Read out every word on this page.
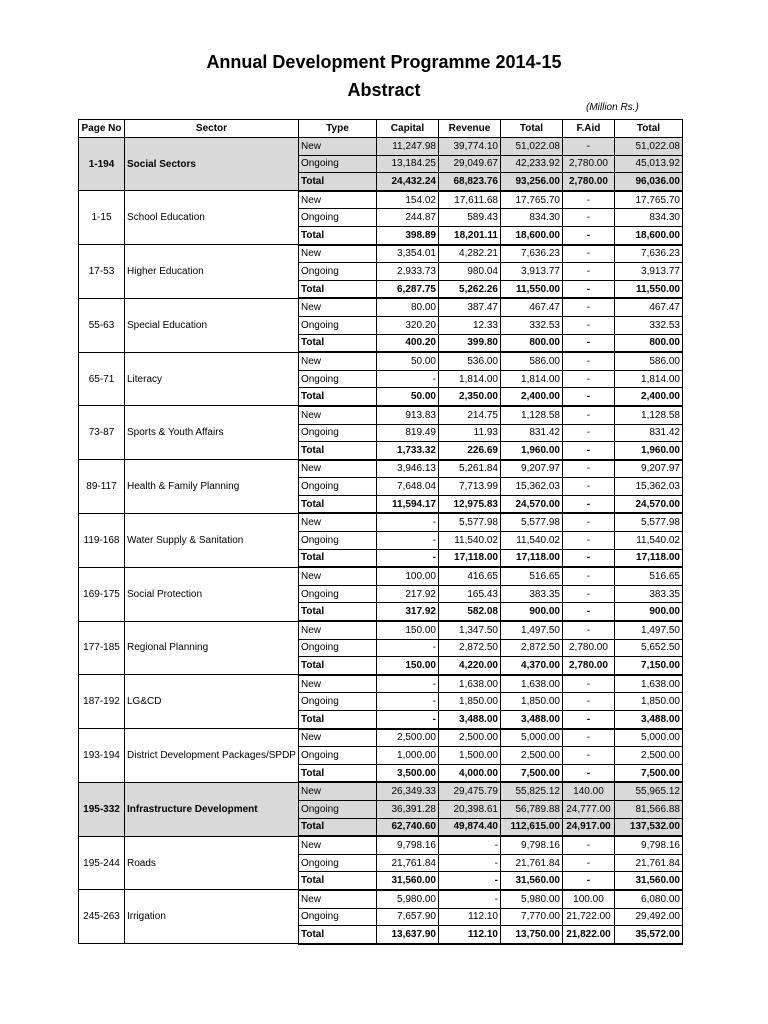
Annual Development Programme 2014-15
Abstract
(Million Rs.)
Page No	Sector	Type	Capital	Revenue	Total	F.Aid	Total
1-194	Social Sectors	New	11,247.98	39,774.10	51,022.08	-	51,022.08
		Ongoing	13,184.25	29,049.67	42,233.92	2,780.00	45,013.92
		Total	24,432.24	68,823.76	93,256.00	2,780.00	96,036.00
1-15	School Education	New	154.02	17,611.68	17,765.70	-	17,765.70
		Ongoing	244.87	589.43	834.30	-	834.30
		Total	398.89	18,201.11	18,600.00	-	18,600.00
17-53	Higher Education	New	3,354.01	4,282.21	7,636.23	-	7,636.23
		Ongoing	2,933.73	980.04	3,913.77	-	3,913.77
		Total	6,287.75	5,262.26	11,550.00	-	11,550.00
55-63	Special Education	New	80.00	387.47	467.47	-	467.47
		Ongoing	320.20	12.33	332.53	-	332.53
		Total	400.20	399.80	800.00	-	800.00
65-71	Literacy	New	50.00	536.00	586.00	-	586.00
		Ongoing	-	1,814.00	1,814.00	-	1,814.00
		Total	50.00	2,350.00	2,400.00	-	2,400.00
73-87	Sports & Youth Affairs	New	913.83	214.75	1,128.58	-	1,128.58
		Ongoing	819.49	11.93	831.42	-	831.42
		Total	1,733.32	226.69	1,960.00	-	1,960.00
89-117	Health & Family Planning	New	3,946.13	5,261.84	9,207.97	-	9,207.97
		Ongoing	7,648.04	7,713.99	15,362.03	-	15,362.03
		Total	11,594.17	12,975.83	24,570.00	-	24,570.00
119-168	Water Supply & Sanitation	New	-	5,577.98	5,577.98	-	5,577.98
		Ongoing	-	11,540.02	11,540.02	-	11,540.02
		Total	-	17,118.00	17,118.00	-	17,118.00
169-175	Social Protection	New	100.00	416.65	516.65	-	516.65
		Ongoing	217.92	165.43	383.35	-	383.35
		Total	317.92	582.08	900.00	-	900.00
177-185	Regional Planning	New	150.00	1,347.50	1,497.50	-	1,497.50
		Ongoing	-	2,872.50	2,872.50	2,780.00	5,652.50
		Total	150.00	4,220.00	4,370.00	2,780.00	7,150.00
187-192	LG&CD	New	-	1,638.00	1,638.00	-	1,638.00
		Ongoing	-	1,850.00	1,850.00	-	1,850.00
		Total	-	3,488.00	3,488.00	-	3,488.00
193-194	District Development Packages/SPDP	New	2,500.00	2,500.00	5,000.00	-	5,000.00
		Ongoing	1,000.00	1,500.00	2,500.00	-	2,500.00
		Total	3,500.00	4,000.00	7,500.00	-	7,500.00
195-332	Infrastructure Development	New	26,349.33	29,475.79	55,825.12	140.00	55,965.12
		Ongoing	36,391.28	20,398.61	56,789.88	24,777.00	81,566.88
		Total	62,740.60	49,874.40	112,615.00	24,917.00	137,532.00
195-244	Roads	New	9,798.16	-	9,798.16	-	9,798.16
		Ongoing	21,761.84	-	21,761.84	-	21,761.84
		Total	31,560.00	-	31,560.00	-	31,560.00
245-263	Irrigation	New	5,980.00	-	5,980.00	100.00	6,080.00
		Ongoing	7,657.90	112.10	7,770.00	21,722.00	29,492.00
		Total	13,637.90	112.10	13,750.00	21,822.00	35,572.00
